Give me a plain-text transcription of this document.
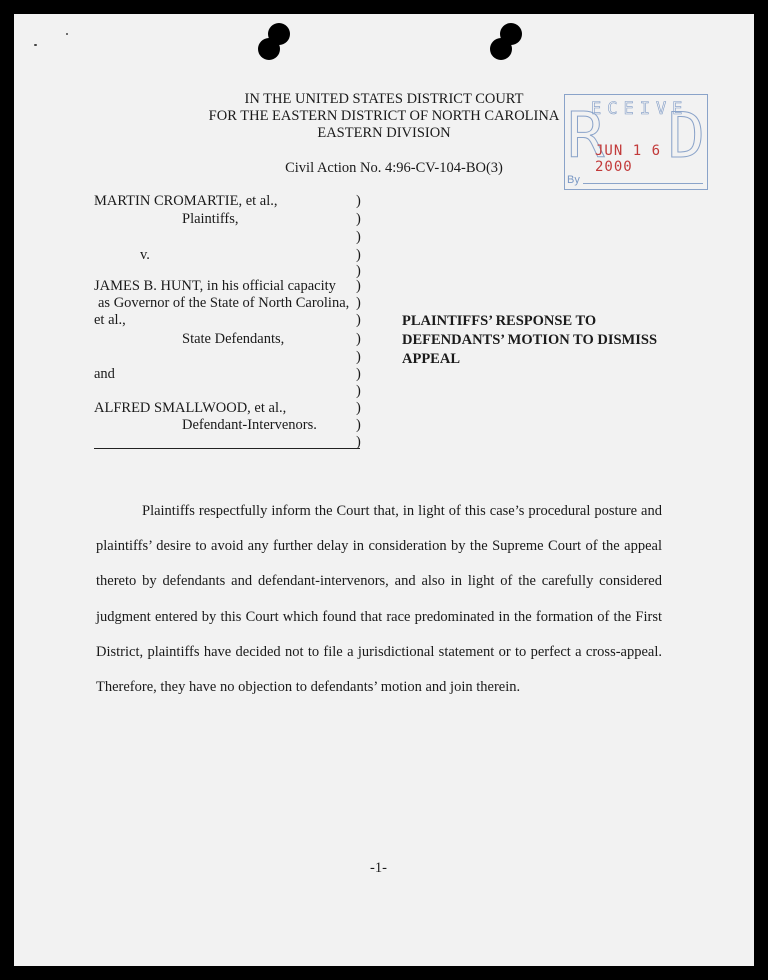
IN THE UNITED STATES DISTRICT COURT
FOR THE EASTERN DISTRICT OF NORTH CAROLINA
EASTERN DIVISION
Civil Action No. 4:96-CV-104-BO(3)	R
ECEIVE
D
JUN 1 6 2000
By
MARTIN CROMARTIE, et al.,
Plaintiffs,
v.
JAMES B. HUNT, in his official capacity
as Governor of the State of North Carolina,
et al.,
State Defendants,
and
ALFRED SMALLWOOD, et al.,
Defendant-Intervenors.
)
)
)
)
)
)
)
)
)
)
)
)
)
)
)
PLAINTIFFS’ RESPONSE TO DEFENDANTS’ MOTION TO DISMISS APPEAL
Plaintiffs respectfully inform the Court that, in light of this case’s procedural posture and plaintiffs’ desire to avoid any further delay in consideration by the Supreme Court of the appeal thereto by defendants and defendant-intervenors, and also in light of the carefully considered judgment entered by this Court which found that race predominated in the formation of the First District, plaintiffs have decided not to file a jurisdictional statement or to perfect a cross-appeal. Therefore, they have no objection to defendants’ motion and join therein.
-1-
